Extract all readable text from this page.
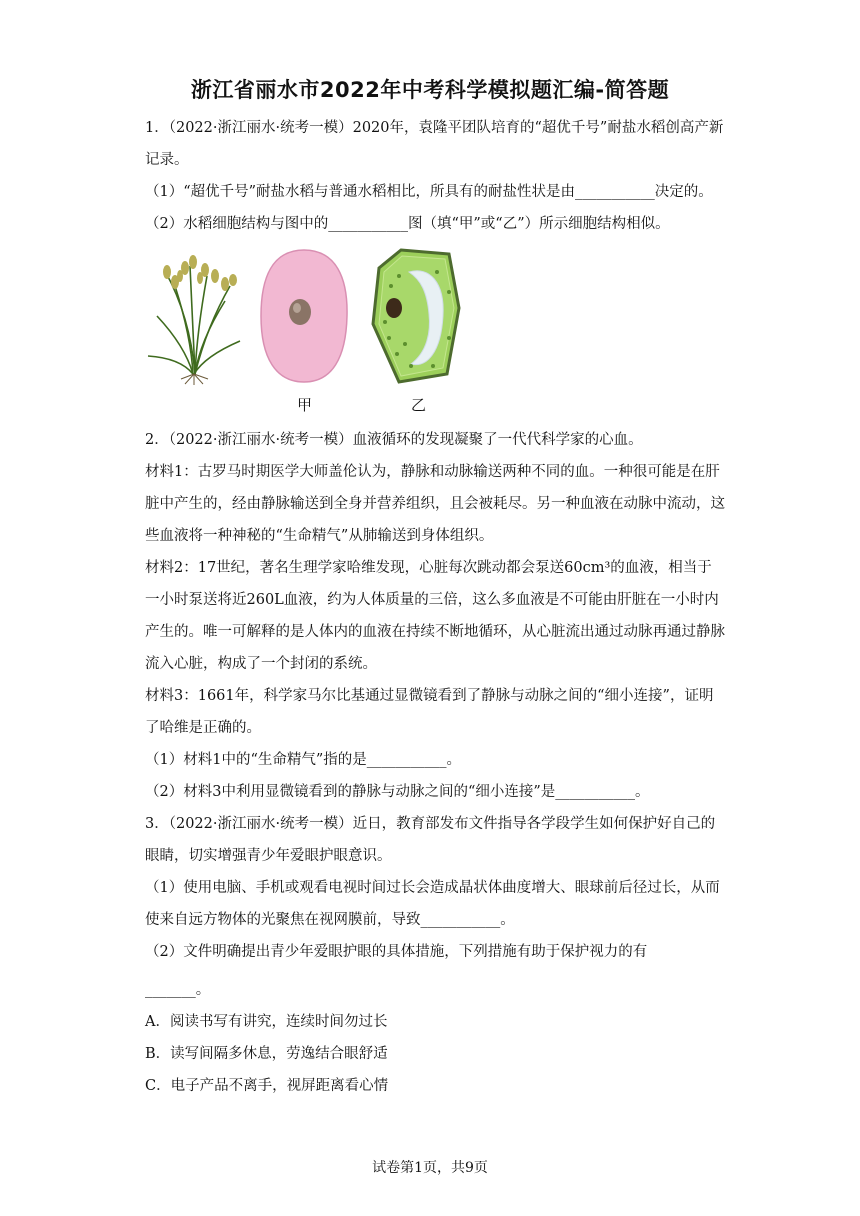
浙江省丽水市2022年中考科学模拟题汇编-简答题

1．（2022·浙江丽水·统考一模）2020年，袁隆平团队培育的“超优千号”耐盐水稻创高产新记录。

（1）“超优千号”耐盐水稻与普通水稻相比，所具有的耐盐性状是由___________决定的。

（2）水稻细胞结构与图中的___________图（填“甲”或“乙”）所示细胞结构相似。

甲	乙

2．（2022·浙江丽水·统考一模）血液循环的发现凝聚了一代代科学家的心血。

材料1：古罗马时期医学大师盖伦认为，静脉和动脉输送两种不同的血。一种很可能是在肝脏中产生的，经由静脉输送到全身并营养组织，且会被耗尽。另一种血液在动脉中流动，这些血液将一种神秘的“生命精气”从肺输送到身体组织。

材料2：17世纪，著名生理学家哈维发现，心脏每次跳动都会泵送60cm³的血液，相当于一小时泵送将近260L血液，约为人体质量的三倍，这么多血液是不可能由肝脏在一小时内产生的。唯一可解释的是人体内的血液在持续不断地循环，从心脏流出通过动脉再通过静脉流入心脏，构成了一个封闭的系统。

材料3：1661年，科学家马尔比基通过显微镜看到了静脉与动脉之间的“细小连接”，证明了哈维是正确的。

（1）材料1中的“生命精气”指的是___________。

（2）材料3中利用显微镜看到的静脉与动脉之间的“细小连接”是___________。

3．（2022·浙江丽水·统考一模）近日，教育部发布文件指导各学段学生如何保护好自己的眼睛，切实增强青少年爱眼护眼意识。

（1）使用电脑、手机或观看电视时间过长会造成晶状体曲度增大、眼球前后径过长，从而使来自远方物体的光聚焦在视网膜前，导致___________。

（2）文件明确提出青少年爱眼护眼的具体措施，下列措施有助于保护视力的有

_______。

A．阅读书写有讲究，连续时间勿过长

B．读写间隔多休息，劳逸结合眼舒适

C．电子产品不离手，视屏距离看心情

试卷第1页，共9页
